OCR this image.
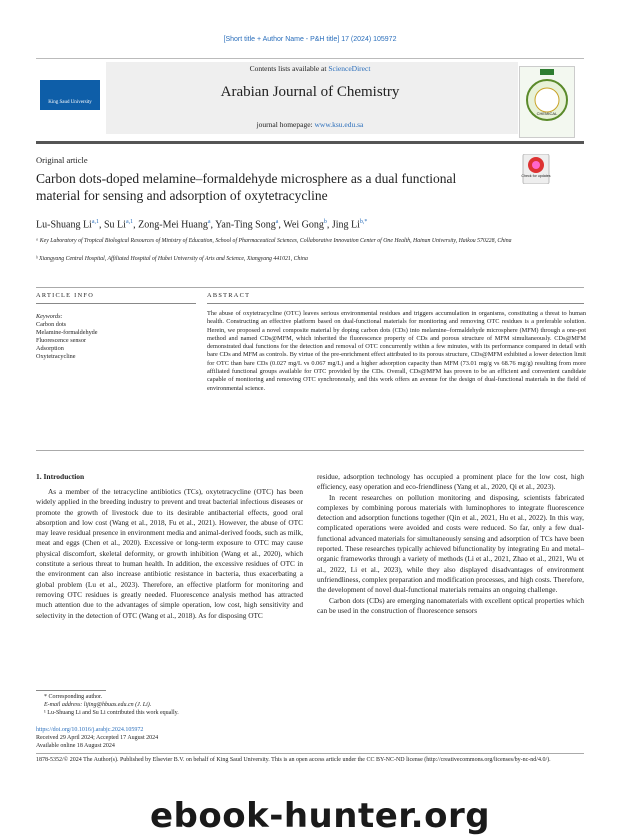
[Short title + Author Name - P&H title] 17 (2024) 105972
Contents lists available at ScienceDirect
Arabian Journal of Chemistry
journal homepage: www.ksu.edu.sa
King Saud University
CHEMICAL
Original article
Carbon dots-doped melamine–formaldehyde microsphere as a dual functional material for sensing and adsorption of oxytetracycline
Check for updates
Lu-Shuang Li$^{a,1}$, Su Li$^{a,1}$, Zong-Mei Huang$^a$, Yan-Ting Song$^a$, Wei Gong$^b$, Jing $Li^{b,*}$
ᵃ Key Laboratory of Tropical Biological Resources of Ministry of Education, School of Pharmaceutical Sciences, Collaborative Innovation Center of One Health, Hainan University, Haikou 570228, China
ᵇ Xiangyang Central Hospital, Affiliated Hospital of Hubei University of Arts and Science, Xiangyang 441021, China
ARTICLE INFO	ABSTRACT
Keywords:
Carbon dots
Melamine-formaldehyde
Fluorescence sensor
Adsorption
Oxytetracycline
The abuse of oxytetracycline (OTC) leaves serious environmental residues and triggers accumulation in organisms, constituting a threat to human health. Constructing an effective platform based on dual-functional materials for monitoring and removing OTC residues is a preferable solution. Herein, we proposed a novel composite material by doping carbon dots (CDs) into melamine–formaldehyde microsphere (MFM) through a one-pot method and named CDs@MFM, which inherited the fluorescence property of CDs and porous structure of MFM simultaneously. CDs@MFM demonstrated dual functions for the detection and removal of OTC concurrently within a few minutes, with its performance compared in detail with bare CDs and MFM as controls. By virtue of the pre-enrichment effect attributed to its porous structure, CDs@MFM exhibited a lower detection limit for OTC than bare CDs (0.027 mg/L vs 0.067 mg/L) and a higher adsorption capacity than MFM (73.01 mg/g vs 68.76 mg/g) resulting from more affiliated functional groups available for OTC provided by the CDs. Overall, CDs@MFM has proven to be an efficient and convenient candidate capable of monitoring and removing OTC synchronously, and this work offers an avenue for the design of dual-functional materials in the field of environmental science.
1. Introduction

As a member of the tetracycline antibiotics (TCs), oxytetracycline (OTC) has been widely applied in the breeding industry to prevent and treat bacterial infectious diseases or promote the growth of livestock due to its desirable antibacterial effects, good oral absorption and low cost (Wang et al., 2018, Fu et al., 2021). However, the abuse of OTC may leave residual presence in environment media and animal-derived foods, such as milk, meat and eggs (Chen et al., 2020). Excessive or long-term exposure to OTC may cause physical discomfort, skeletal deformity, or growth inhibition (Wang et al., 2020), which constitute a serious threat to human health. In addition, the excessive residues of OTC in the environment can also increase antibiotic resistance in bacteria, thus exacerbating a global problem (Lu et al., 2023). Therefore, an effective platform for monitoring and removing OTC residues is greatly needed. Fluorescence analysis method has attracted much attention due to the advantages of simple operation, low cost, high sensitivity and selectivity in the detection of OTC (Wang et al., 2018). As for disposing OTC

residue, adsorption technology has occupied a prominent place for the low cost, high efficiency, easy operation and eco-friendliness (Yang et al., 2020, Qi et al., 2023).

In recent researches on pollution monitoring and disposing, scientists fabricated complexes by combining porous materials with luminophores to integrate fluorescence detection and adsorption functions together (Qin et al., 2021, Hu et al., 2022). In this way, complicated operations were avoided and costs were reduced. So far, only a few dual-functional advanced materials for simultaneously sensing and adsorption of TCs have been reported. These researches typically achieved bifunctionality by integrating Eu and metal–organic frameworks through a variety of methods (Li et al., 2021, Zhao et al., 2021, Wu et al., 2022, Li et al., 2023), while they also displayed disadvantages of environment unfriendliness, complex preparation and modification processes, and high costs. Therefore, the development of novel dual-functional materials remains an ongoing challenge.

Carbon dots (CDs) are emerging nanomaterials with excellent optical properties which can be used in the construction of fluorescence sensors

* Corresponding author.
E-mail address: lijing@hbuas.edu.cn (J. Li).
¹ Lu-Shuang Li and Su Li contributed this work equally.
https://doi.org/10.1016/j.arabjc.2024.105972
Received 29 April 2024; Accepted 17 August 2024
Available online 18 August 2024
1878-5352/© 2024 The Author(s). Published by Elsevier B.V. on behalf of King Saud University. This is an open access article under the CC BY-NC-ND license (http://creativecommons.org/licenses/by-nc-nd/4.0/).
ebook-hunter.org
